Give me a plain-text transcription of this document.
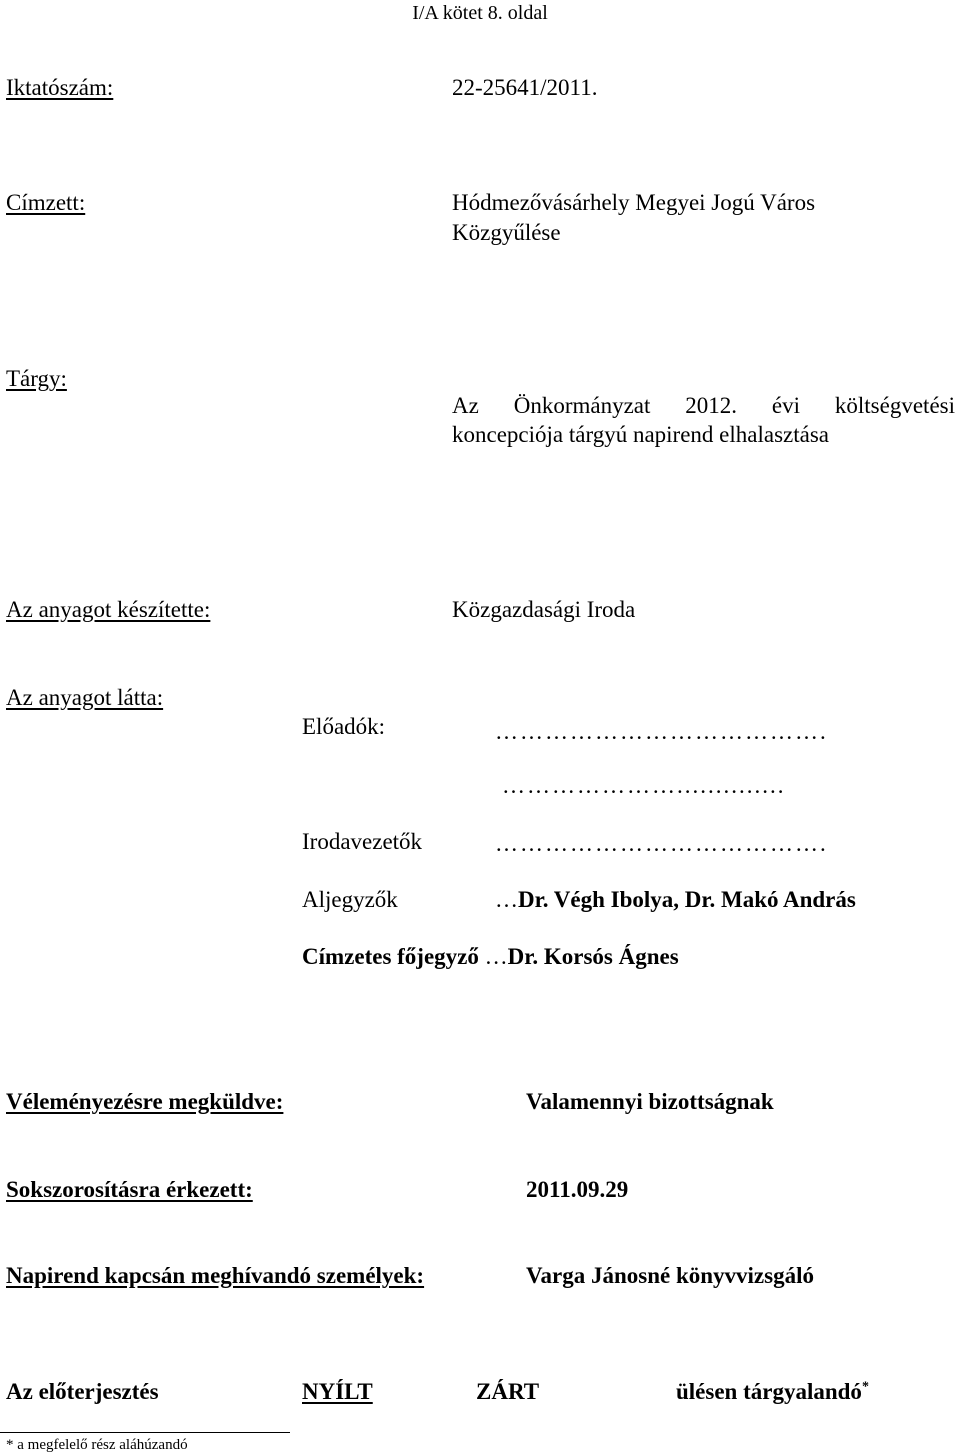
I/A kötet 8. oldal
Iktatószám:	22-25641/2011.
Címzett:	Hódmezővásárhely Megyei Jogú Város
Közgyűlése
Tárgy:
Az Önkormányzat 2012. évi költségvetési
koncepciója tárgyú napirend elhalasztása
Az anyagot készítette:	Közgazdasági Iroda
Az anyagot látta:
Előadók:	………………………………….
…………………..............
Irodavezetők	………………………………….
Aljegyzők	…Dr. Végh Ibolya, Dr. Makó András
Címzetes főjegyző …Dr. Korsós Ágnes
Véleményezésre megküldve:	Valamennyi bizottságnak
Sokszorosításra érkezett:	2011.09.29
Napirend kapcsán meghívandó személyek:	Varga Jánosné könyvvizsgáló
Az előterjesztés	NYÍLT	ZÁRT	ülésen tárgyalandó*
* a megfelelő rész aláhúzandó
